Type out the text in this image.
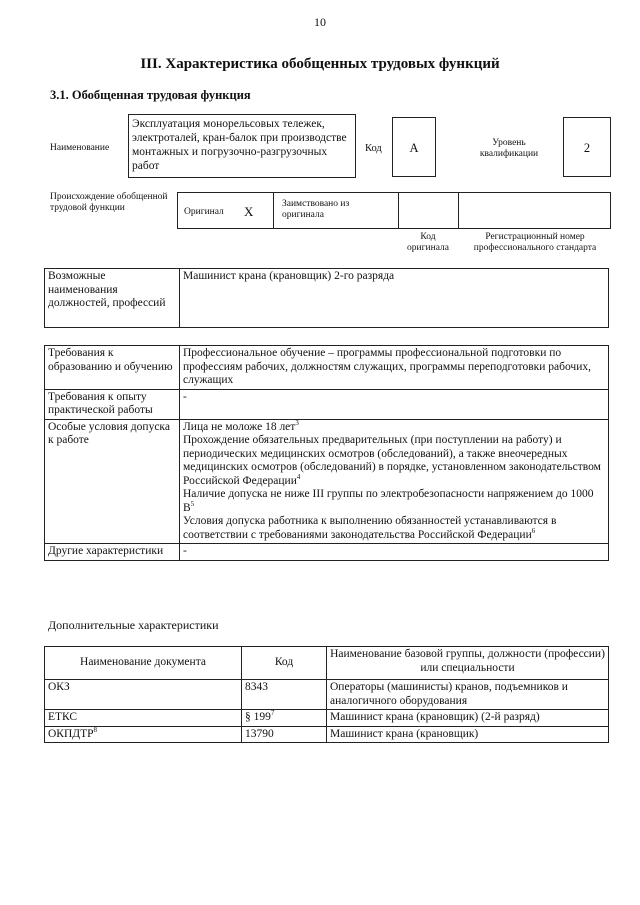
10
III. Характеристика обобщенных трудовых функций
3.1. Обобщенная трудовая функция
Наименование
Эксплуатация монорельсовых тележек, электроталей, кран-балок при производстве монтажных и погрузочно-разгрузочных работ
Код	А	Уровень квалификации	2
Происхождение обобщенной трудовой функции	Оригинал Х	Заимствовано из оригинала
Код оригинала
Регистрационный номер профессионального стандарта
Возможные наименования должностей, профессий	Машинист крана (крановщик) 2-го разряда
Требования к образованию и обучению	Профессиональное обучение – программы профессиональной подготовки по профессиям рабочих, должностям служащих, программы переподготовки рабочих, служащих
Требования к опыту практической работы	-
Особые условия допуска к работе	Лица не моложе 18 лет$^3$
Прохождение обязательных предварительных (при поступлении на работу) и периодических медицинских осмотров (обследований), а также внеочередных медицинских осмотров (обследований) в порядке, установленном законодательством Российской Федерации$^4$
Наличие допуска не ниже III группы по электробезопасности напряжением до 1000 $В^5$
Условия допуска работника к выполнению обязанностей устанавливаются в соответствии с требованиями законодательства Российской Федерации$^6$

Другие характеристики	-
Дополнительные характеристики
Наименование документа	Код	Наименование базовой группы, должности (профессии) или специальности
ОКЗ	8343	Операторы (машинисты) кранов, подъемников и аналогичного оборудования
ЕТКС	§ $199^7$	Машинист крана (крановщик) (2-й разряд)
ОКПДТР$^8$	13790	Машинист крана (крановщик)
